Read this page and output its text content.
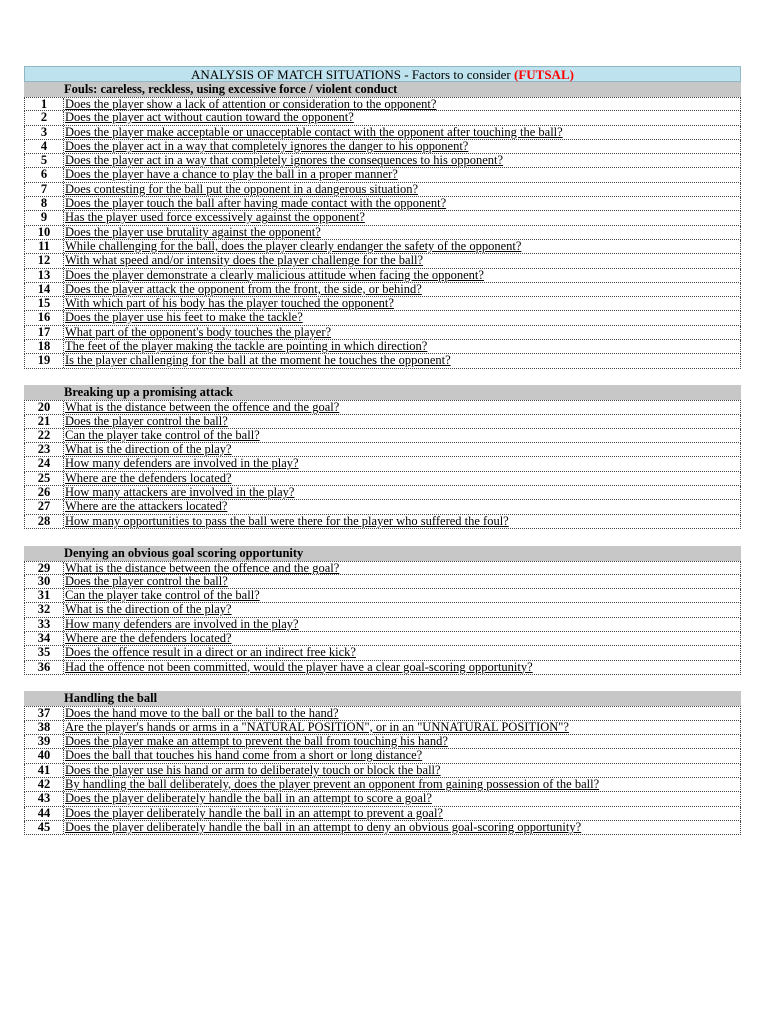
ANALYSIS OF MATCH SITUATIONS - Factors to consider (FUTSAL)
Fouls: careless, reckless, using excessive force / violent conduct
1	Does the player show a lack of attention or consideration to the opponent?
2	Does the player act without caution toward the opponent?
3	Does the player make acceptable or unacceptable contact with the opponent after touching the ball?
4	Does the player act in a way that completely ignores the danger to his opponent?
5	Does the player act in a way that completely ignores the consequences to his opponent?
6	Does the player have a chance to play the ball in a proper manner?
7	Does contesting for the ball put the opponent in a dangerous situation?
8	Does the player touch the ball after having made contact with the opponent?
9	Has the player used force excessively against the opponent?
10	Does the player use brutality against the opponent?
11	While challenging for the ball, does the player clearly endanger the safety of the opponent?
12	With what speed and/or intensity does the player challenge for the ball?
13	Does the player demonstrate a clearly malicious attitude when facing the opponent?
14	Does the player attack the opponent from the front, the side, or behind?
15	With which part of his body has the player touched the opponent?
16	Does the player use his feet to make the tackle?
17	What part of the opponent's body touches the player?
18	The feet of the player making the tackle are pointing in which direction?
19	Is the player challenging for the ball at the moment he touches the opponent?
Breaking up a promising attack
20	What is the distance between the offence and the goal?
21	Does the player control the ball?
22	Can the player take control of the ball?
23	What is the direction of the play?
24	How many defenders are involved in the play?
25	Where are the defenders located?
26	How many attackers are involved in the play?
27	Where are the attackers located?
28	How many opportunities to pass the ball were there for the player who suffered the foul?
Denying an obvious goal scoring opportunity
29	What is the distance between the offence and the goal?
30	Does the player control the ball?
31	Can the player take control of the ball?
32	What is the direction of the play?
33	How many defenders are involved in the play?
34	Where are the defenders located?
35	Does the offence result in a direct or an indirect free kick?
36	Had the offence not been committed, would the player have a clear goal-scoring opportunity?
Handling the ball
37	Does the hand move to the ball or the ball to the hand?
38	Are the player's hands or arms in a "NATURAL POSITION", or in an "UNNATURAL POSITION"?
39	Does the player make an attempt to prevent the ball from touching his hand?
40	Does the ball that touches his hand come from a short or long distance?
41	Does the player use his hand or arm to deliberately touch or block the ball?
42	By handling the ball deliberately, does the player prevent an opponent from gaining possession of the ball?
43	Does the player deliberately handle the ball in an attempt to score a goal?
44	Does the player deliberately handle the ball in an attempt to prevent a goal?
45	Does the player deliberately handle the ball in an attempt to deny an obvious goal-scoring opportunity?
